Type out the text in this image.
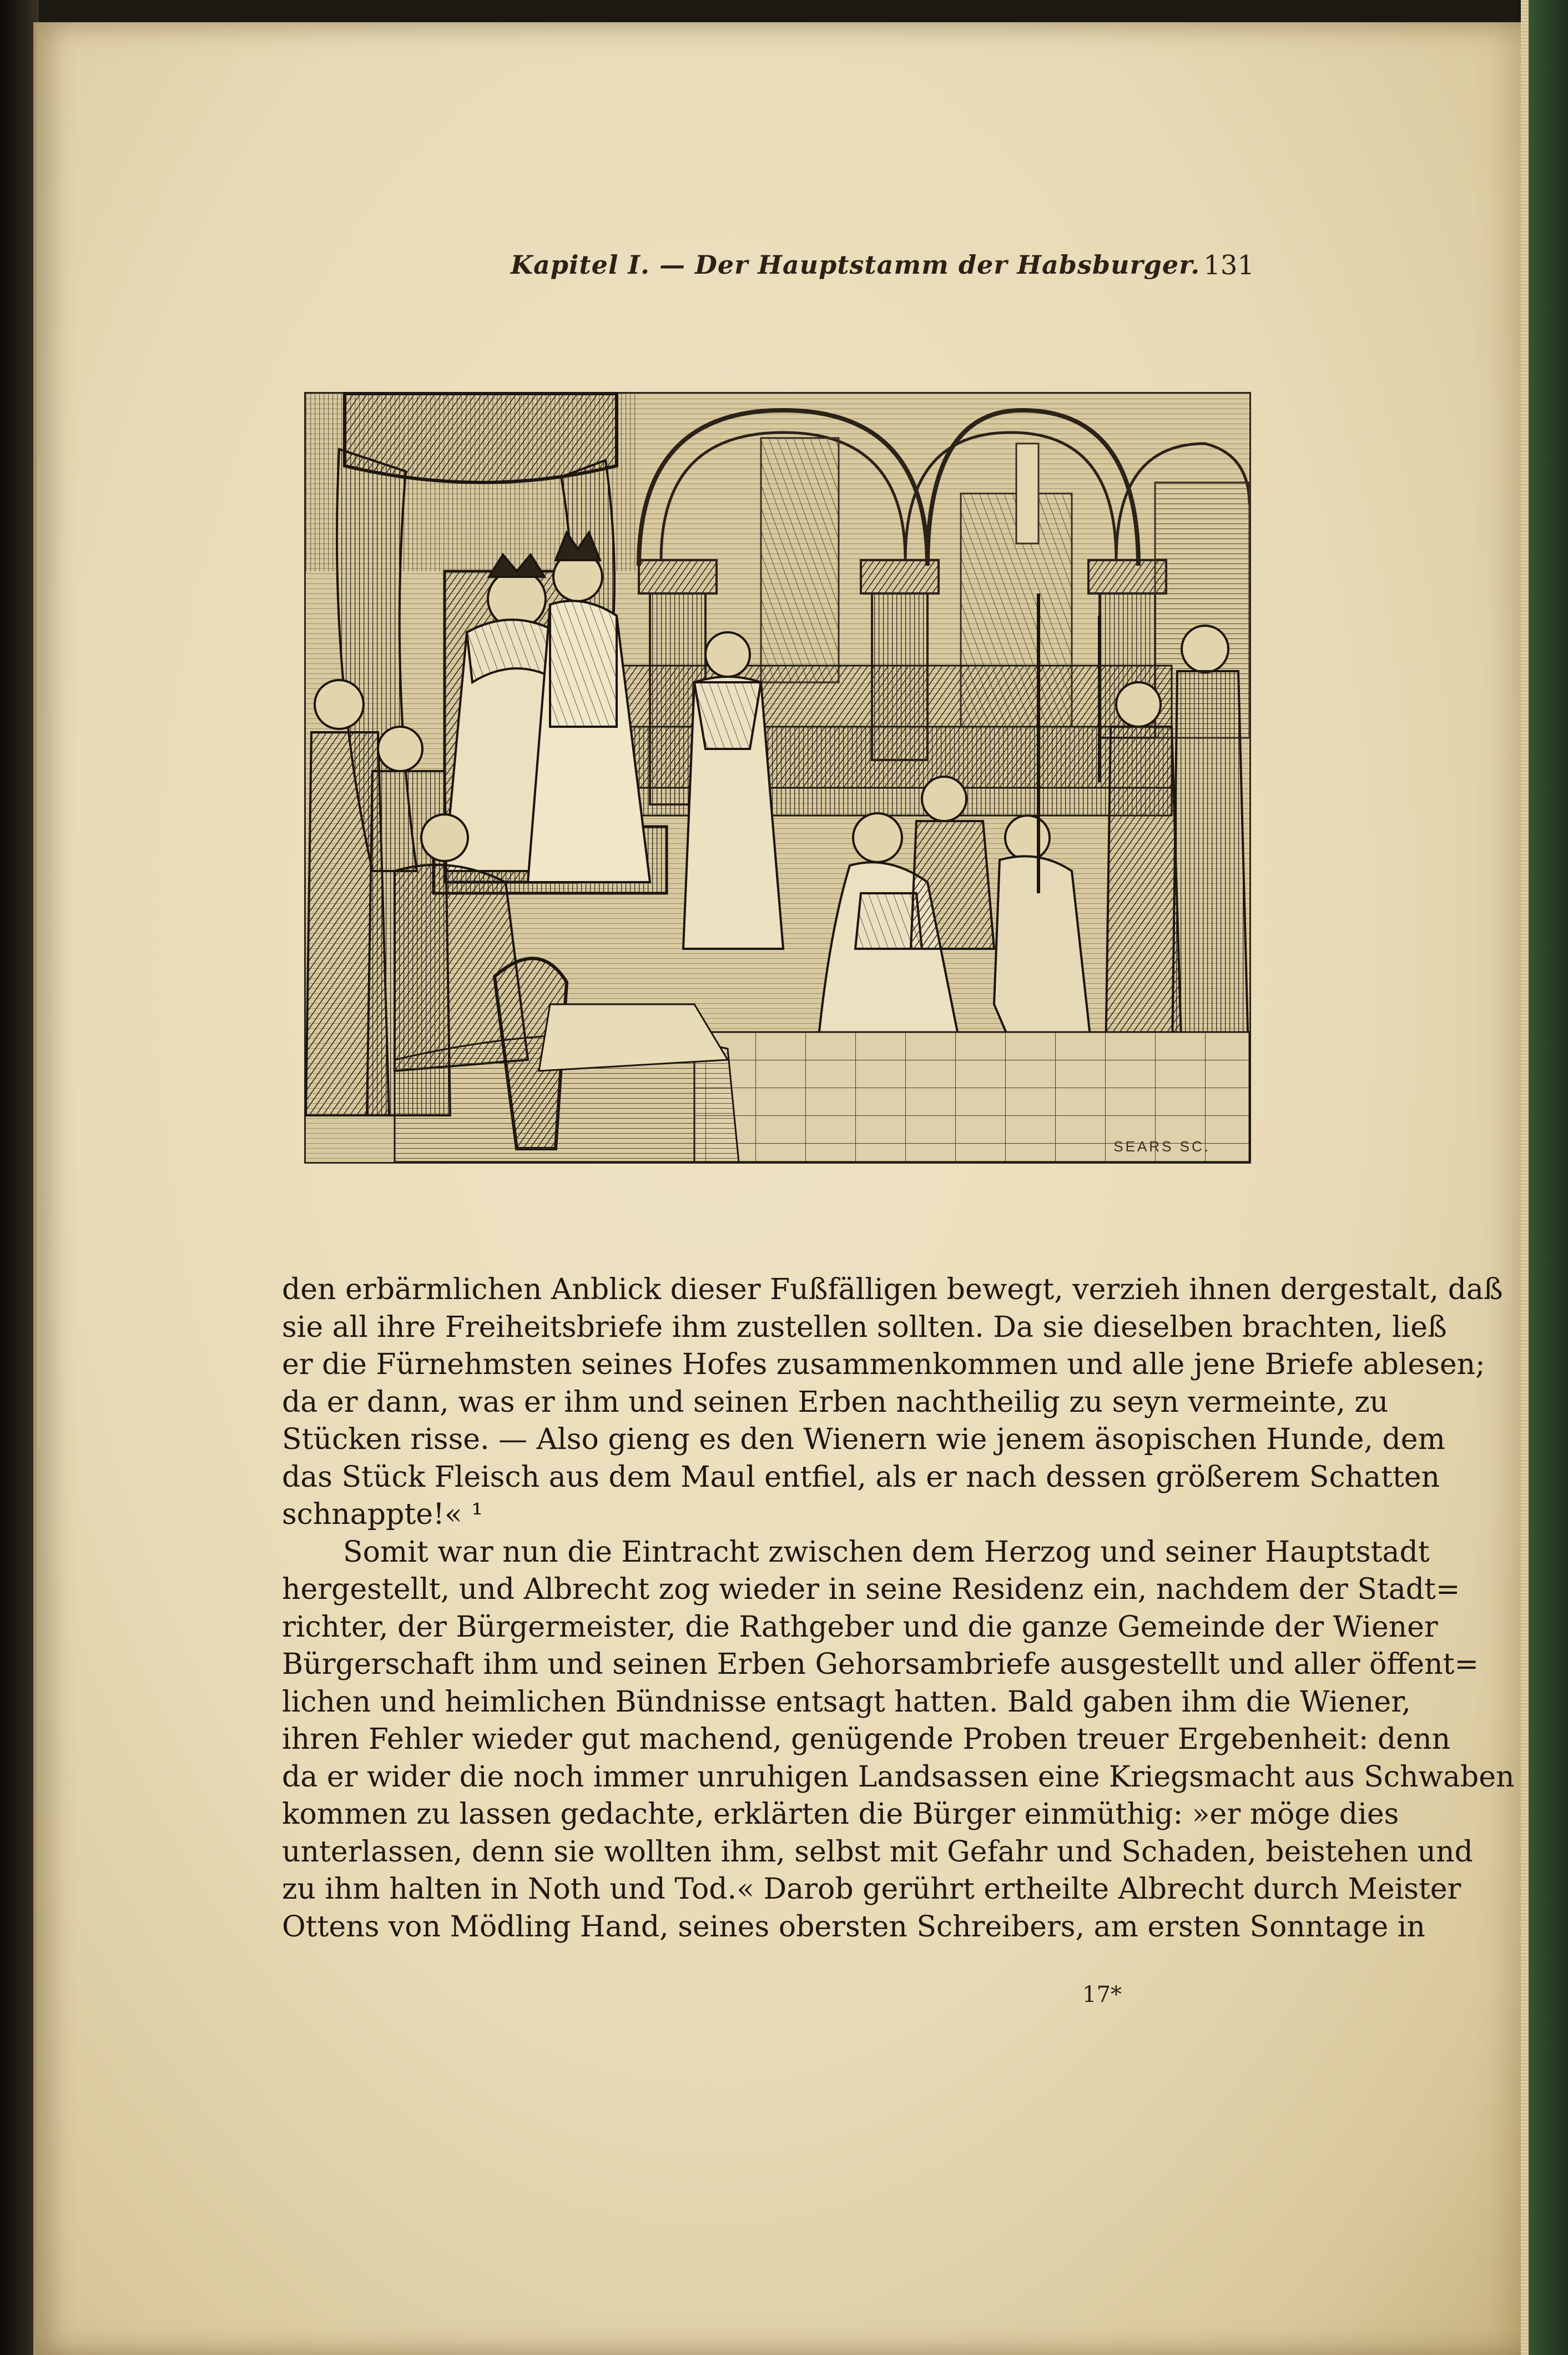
Kapitel I. — Der Hauptstamm der Habsburger. 131
SEARS SC.

den erbärmlichen Anblick dieser Fußfälligen bewegt, verzieh ihnen dergestalt, daß
sie all ihre Freiheitsbriefe ihm zustellen sollten. Da sie dieselben brachten, ließ
er die Fürnehmsten seines Hofes zusammenkommen und alle jene Briefe ablesen;
da er dann, was er ihm und seinen Erben nachtheilig zu seyn vermeinte, zu
Stücken risse. — Also gieng es den Wienern wie jenem äsopischen Hunde, dem
das Stück Fleisch aus dem Maul entfiel, als er nach dessen größerem Schatten
schnappte!« ¹

Somit war nun die Eintracht zwischen dem Herzog und seiner Hauptstadt
hergestellt, und Albrecht zog wieder in seine Residenz ein, nachdem der Stadt=
richter, der Bürgermeister, die Rathgeber und die ganze Gemeinde der Wiener
Bürgerschaft ihm und seinen Erben Gehorsambriefe ausgestellt und aller öffent=
lichen und heimlichen Bündnisse entsagt hatten. Bald gaben ihm die Wiener,
ihren Fehler wieder gut machend, genügende Proben treuer Ergebenheit: denn
da er wider die noch immer unruhigen Landsassen eine Kriegsmacht aus Schwaben
kommen zu lassen gedachte, erklärten die Bürger einmüthig: »er möge dies
unterlassen, denn sie wollten ihm, selbst mit Gefahr und Schaden, beistehen und
zu ihm halten in Noth und Tod.« Darob gerührt ertheilte Albrecht durch Meister
Ottens von Mödling Hand, seines obersten Schreibers, am ersten Sonntage in

17*
